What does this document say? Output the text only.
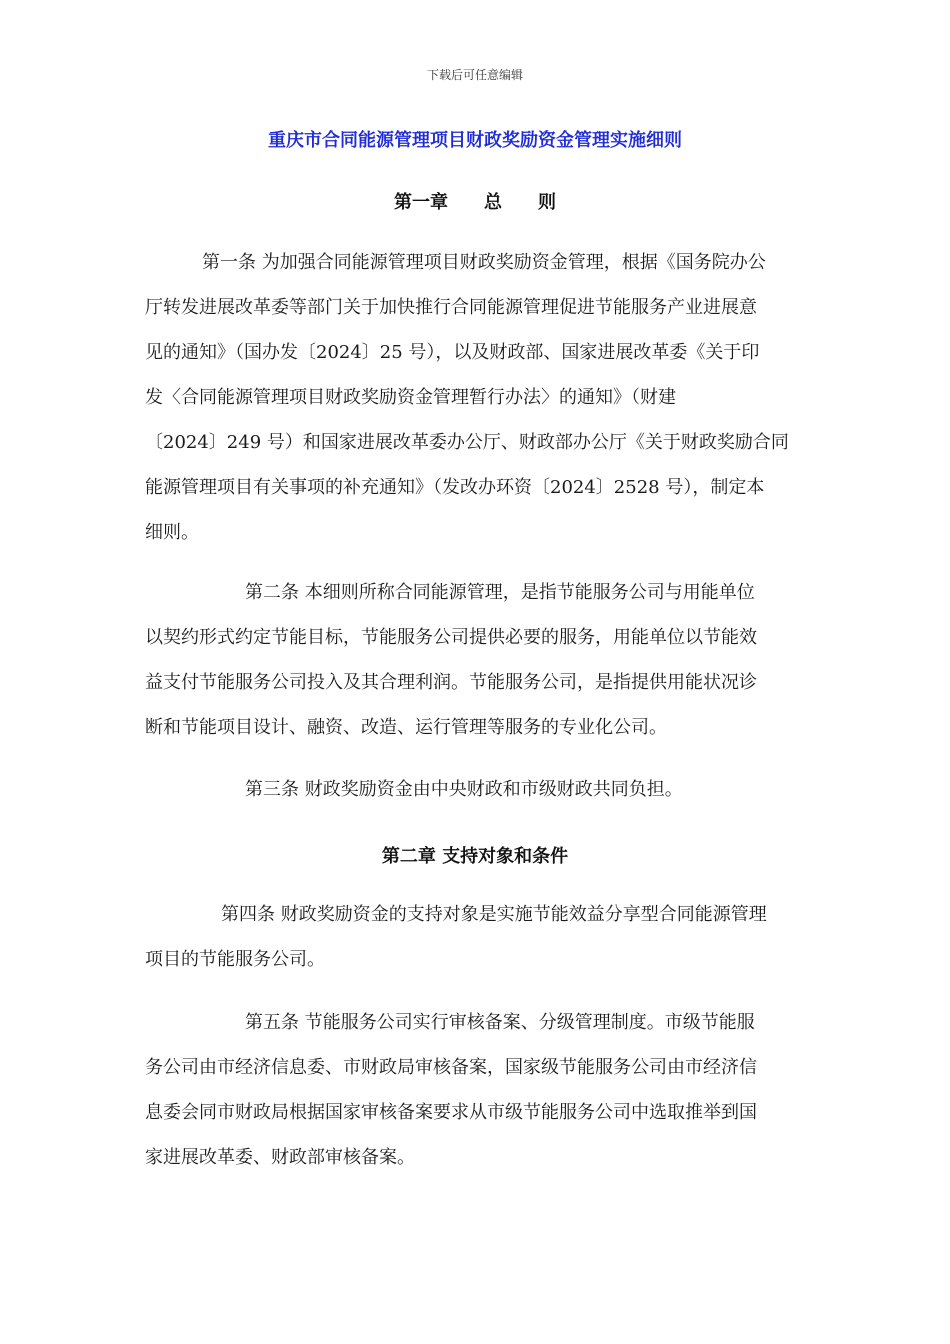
下载后可任意编辑
重庆市合同能源管理项目财政奖励资金管理实施细则
第一章　　总　　则

第一条 为加强合同能源管理项目财政奖励资金管理，根据《国务院办公
厅转发进展改革委等部门关于加快推行合同能源管理促进节能服务产业进展意
见的通知》（国办发〔2024〕25 号），以及财政部、国家进展改革委《关于印
发〈合同能源管理项目财政奖励资金管理暂行办法〉的通知》（财建
〔2024〕249 号）和国家进展改革委办公厅、财政部办公厅《关于财政奖励合同
能源管理项目有关事项的补充通知》（发改办环资〔2024〕2528 号），制定本
细则。

第二条 本细则所称合同能源管理，是指节能服务公司与用能单位
以契约形式约定节能目标，节能服务公司提供必要的服务，用能单位以节能效
益支付节能服务公司投入及其合理利润。节能服务公司，是指提供用能状况诊
断和节能项目设计、融资、改造、运行管理等服务的专业化公司。

第三条 财政奖励资金由中央财政和市级财政共同负担。

第二章 支持对象和条件

第四条 财政奖励资金的支持对象是实施节能效益分享型合同能源管理
项目的节能服务公司。

第五条 节能服务公司实行审核备案、分级管理制度。市级节能服
务公司由市经济信息委、市财政局审核备案，国家级节能服务公司由市经济信
息委会同市财政局根据国家审核备案要求从市级节能服务公司中选取推举到国
家进展改革委、财政部审核备案。
